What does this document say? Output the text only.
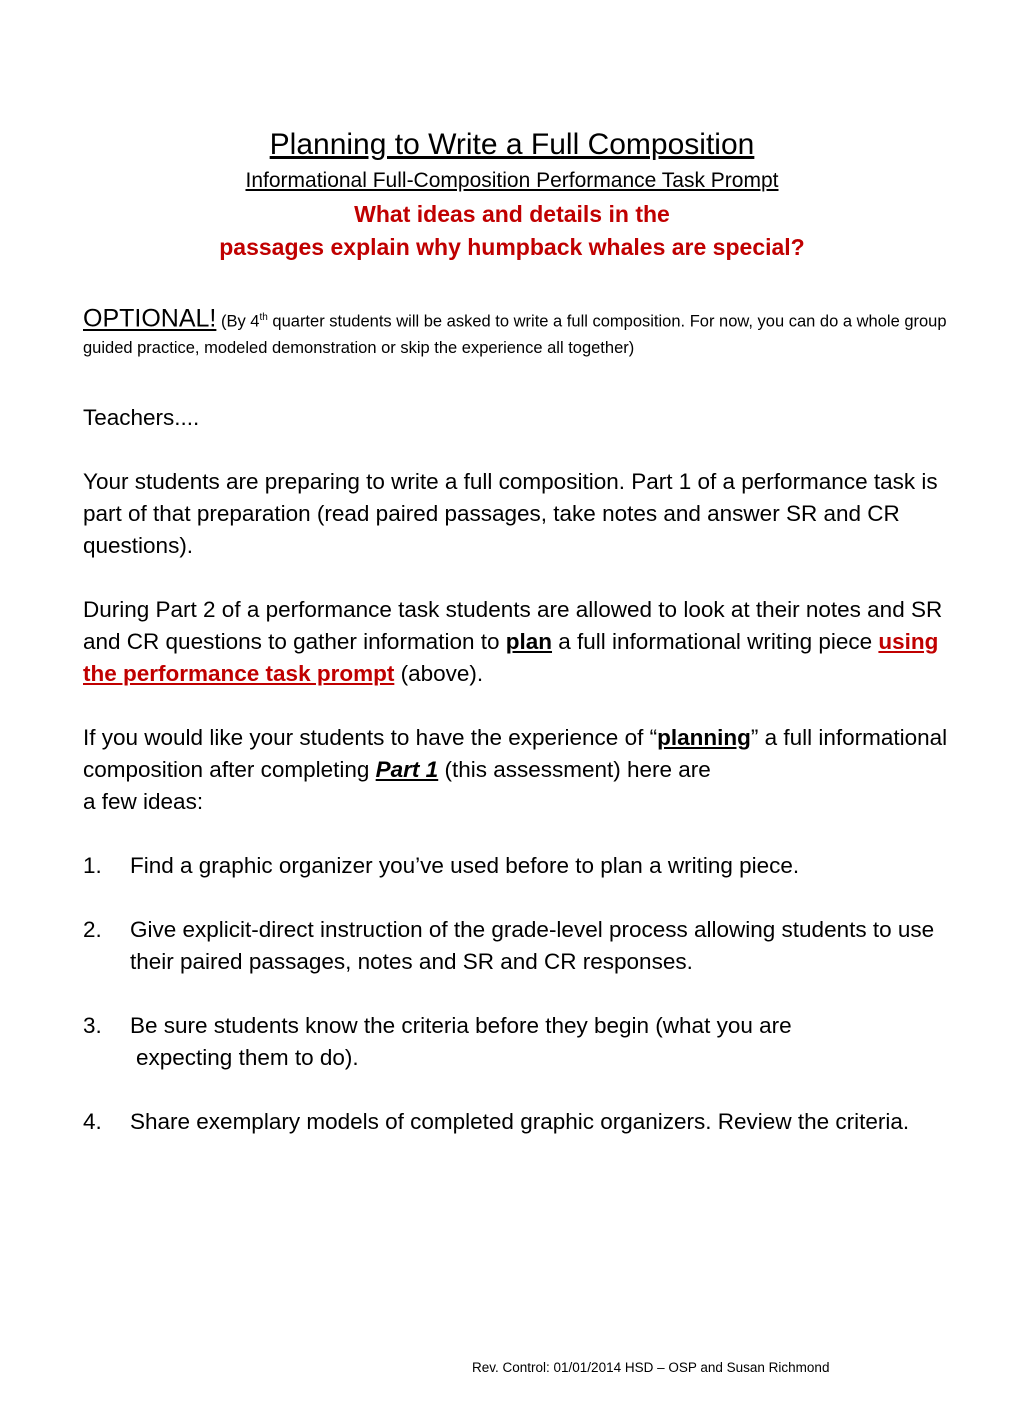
Planning to Write a Full Composition
Informational Full-Composition Performance Task Prompt
What ideas and details in the
passages explain why humpback whales are special?

OPTIONAL! (By 4th quarter students will be asked to write a full composition. For now, you can do a whole group guided practice, modeled demonstration or skip the experience all together)

Teachers....

Your students are preparing to write a full composition. Part 1 of a performance task is part of that preparation (read paired passages, take notes and answer SR and CR questions).

During Part 2 of a performance task students are allowed to look at their notes and SR and CR questions to gather information to plan a full informational writing piece using the performance task prompt (above).

If you would like your students to have the experience of “planning” a full informational composition after completing Part 1 (this assessment) here are
a few ideas:

1. Find a graphic organizer you’ve used before to plan a writing piece.
2. Give explicit-direct instruction of the grade-level process allowing students to use their paired passages, notes and SR and CR responses.
3. Be sure students know the criteria before they begin (what you are
expecting them to do).
4. Share exemplary models of completed graphic organizers. Review the criteria.
Rev. Control: 01/01/2014 HSD – OSP and Susan Richmond
